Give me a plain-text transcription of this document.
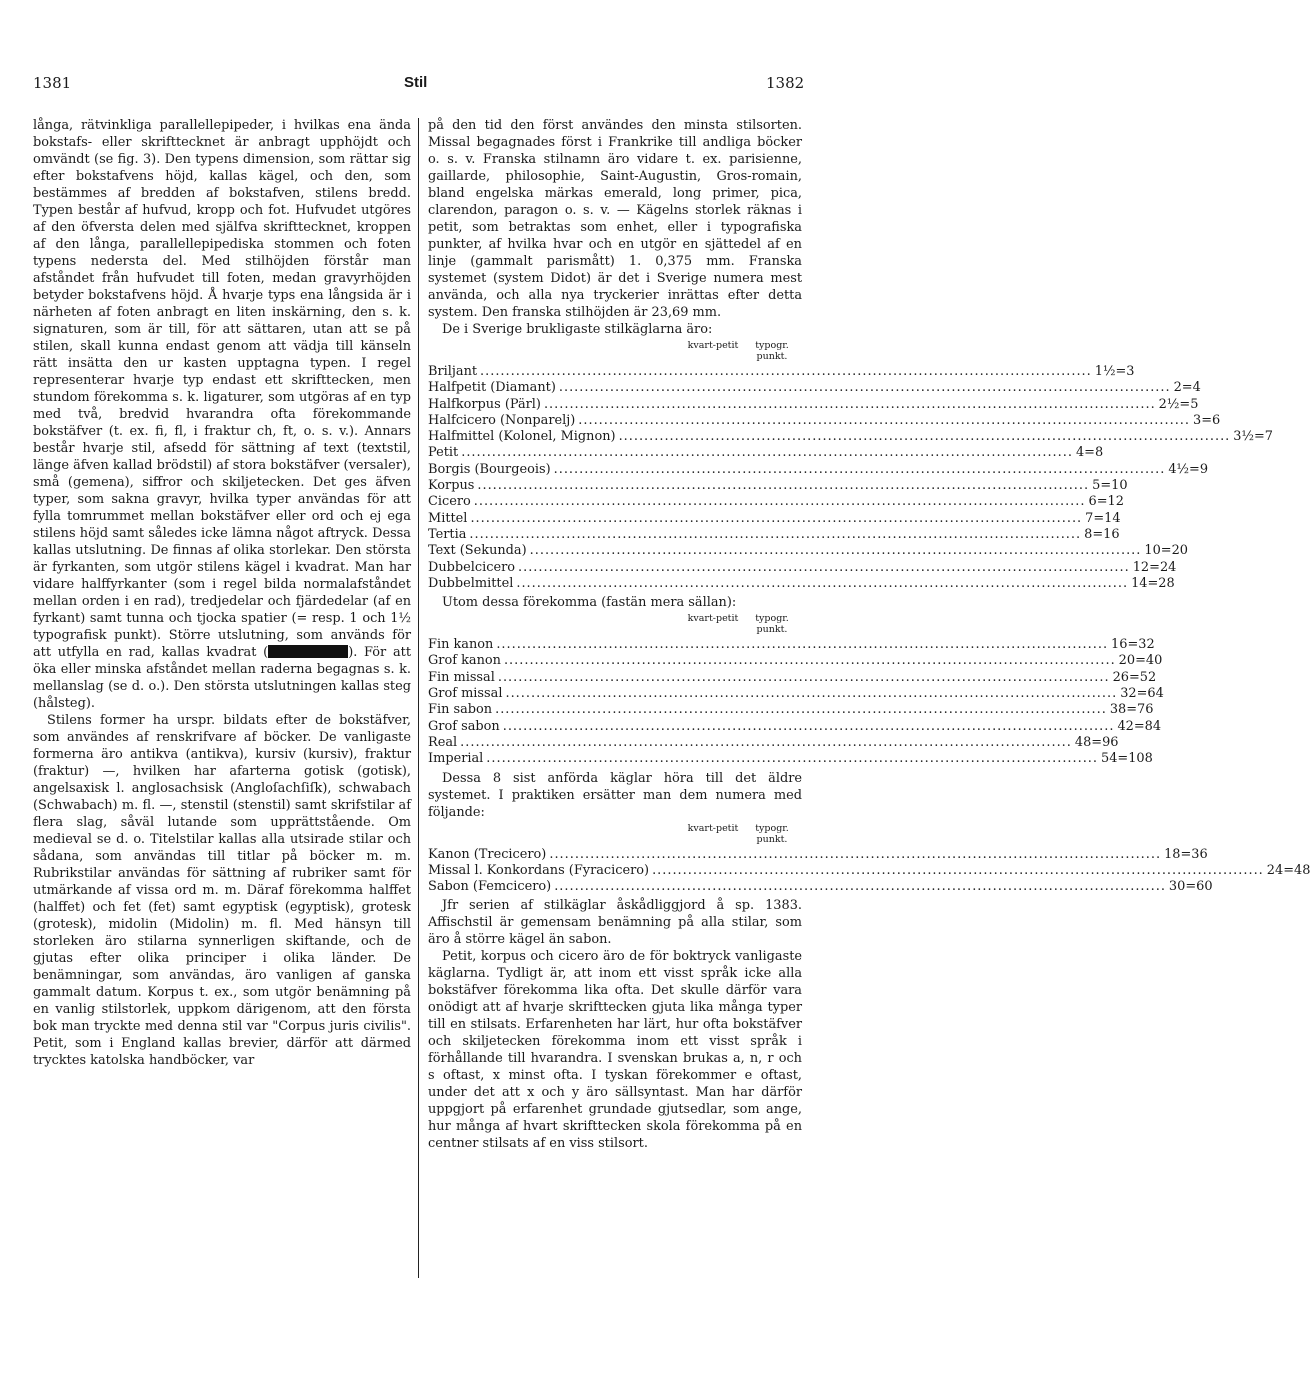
1381	Stil	1382

långa, rätvinkliga parallellepipeder, i hvilkas ena ända bokstafs- eller skrifttecknet är anbragt upphöjdt och omvändt (se fig. 3). Den typens dimension, som rättar sig efter bokstafvens höjd, kallas kägel, och den, som bestämmes af bredden af bokstafven, stilens bredd. Typen består af hufvud, kropp och fot. Hufvudet utgöres af den öfversta delen med själfva skrifttecknet, kroppen af den långa, parallellepipediska stommen och foten typens nedersta del. Med stilhöjden förstår man afståndet från hufvudet till foten, medan gravyrhöjden betyder bokstafvens höjd. Å hvarje typs ena långsida är i närheten af foten anbragt en liten inskärning, den s. k. signaturen, som är till, för att sättaren, utan att se på stilen, skall kunna endast genom att vädja till känseln rätt insätta den ur kasten upptagna typen. I regel representerar hvarje typ endast ett skrifttecken, men stundom förekomma s. k. ligaturer, som utgöras af en typ med två, bredvid hvarandra ofta förekommande bokstäfver (t. ex. fi, fl, i fraktur ch, ft, o. s. v.). Annars består hvarje stil, afsedd för sättning af text (textstil, länge äfven kallad brödstil) af stora bokstäfver (versaler), små (gemena), siffror och skiljetecken. Det ges äfven typer, som sakna gravyr, hvilka typer användas för att fylla tomrummet mellan bokstäfver eller ord och ej ega stilens höjd samt således icke lämna något aftryck. Dessa kallas utslutning. De finnas af olika storlekar. Den största är fyrkanten, som utgör stilens kägel i kvadrat. Man har vidare halffyrkanter (som i regel bilda normalafståndet mellan orden i en rad), tredjedelar och fjärdedelar (af en fyrkant) samt tunna och tjocka spatier (= resp. 1 och 1½ typografisk punkt). Större utslutning, som används för att utfylla en rad, kallas kvadrat (	). För att öka eller minska afståndet mellan raderna begagnas s. k. mellanslag (se d. o.). Den största utslutningen kallas steg (hålsteg).

Stilens former ha urspr. bildats efter de bokstäfver, som användes af renskrifvare af böcker. De vanligaste formerna äro antikva (antikva), kursiv (kursiv), fraktur (fraktur) —, hvilken har afarterna gotisk (gotisk), angelsaxisk l. anglosachsisk (Angloſachſiſk), schwabach (Schwabach) m. fl. —, stenstil (stenstil) samt skrifstilar af flera slag, såväl lutande som upprättstående. Om medieval se d. o. Titelstilar kallas alla utsirade stilar och sådana, som användas till titlar på böcker m. m. Rubrikstilar användas för sättning af rubriker samt för utmärkande af vissa ord m. m. Däraf förekomma halffet (halffet) och fet (fet) samt egyptisk (egyptisk), grotesk (grotesk), midolin (Midolin) m. fl. Med hänsyn till storleken äro stilarna synnerligen skiftande, och de gjutas efter olika principer i olika länder. De benämningar, som användas, äro vanligen af ganska gammalt datum. Korpus t. ex., som utgör benämning på en vanlig stilstorlek, uppkom därigenom, att den första bok man tryckte med denna stil var "Corpus juris civilis". Petit, som i England kallas brevier, därför att därmed trycktes katolska handböcker, var

på den tid den först användes den minsta stilsorten. Missal begagnades först i Frankrike till andliga böcker o. s. v. Franska stilnamn äro vidare t. ex. parisienne, gaillarde, philosophie, Saint-Augustin, Gros-romain, bland engelska märkas emerald, long primer, pica, clarendon, paragon o. s. v. — Kägelns storlek räknas i petit, som betraktas som enhet, eller i typografiska punkter, af hvilka hvar och en utgör en sjättedel af en linje (gammalt parismått) 1. 0,375 mm. Franska systemet (system Didot) är det i Sverige numera mest använda, och alla nya tryckerier inrättas efter detta system. Den franska stilhöjden är 23,69 mm.

De i Sverige brukligaste stilkäglarna äro:

kvart-petit	typogr. punkt.
Briljant ........................................................................................................................ 1½ = 3
Halfpetit (Diamant) ........................................................................................................................ 2 = 4
Halfkorpus (Pärl) ........................................................................................................................ 2½ = 5
Halfcicero (Nonparelj) ........................................................................................................................ 3 = 6
Halfmittel (Kolonel, Mignon) ........................................................................................................................ 3½ = 7
Petit ........................................................................................................................ 4 = 8
Borgis (Bourgeois) ........................................................................................................................ 4½ = 9
Korpus ........................................................................................................................ 5 = 10
Cicero ........................................................................................................................ 6 = 12
Mittel ........................................................................................................................ 7 = 14
Tertia ........................................................................................................................ 8 = 16
Text (Sekunda) ........................................................................................................................ 10 = 20
Dubbelcicero ........................................................................................................................ 12 = 24
Dubbelmittel ........................................................................................................................ 14 = 28

Utom dessa förekomma (fastän mera sällan):

kvart-petit	typogr. punkt.
Fin kanon ........................................................................................................................ 16 = 32
Grof kanon ........................................................................................................................ 20 = 40
Fin missal ........................................................................................................................ 26 = 52
Grof missal ........................................................................................................................ 32 = 64
Fin sabon ........................................................................................................................ 38 = 76
Grof sabon ........................................................................................................................ 42 = 84
Real ........................................................................................................................ 48 = 96
Imperial ........................................................................................................................ 54 = 108

Dessa 8 sist anförda käglar höra till det äldre systemet. I praktiken ersätter man dem numera med följande:

kvart-petit	typogr. punkt.
Kanon (Trecicero) ........................................................................................................................ 18 = 36
Missal l. Konkordans (Fyracicero) ........................................................................................................................ 24 = 48
Sabon (Femcicero) ........................................................................................................................ 30 = 60

Jfr serien af stilkäglar åskådliggjord å sp. 1383. Affischstil är gemensam benämning på alla stilar, som äro å större kägel än sabon.

Petit, korpus och cicero äro de för boktryck vanligaste käglarna. Tydligt är, att inom ett visst språk icke alla bokstäfver förekomma lika ofta. Det skulle därför vara onödigt att af hvarje skrifttecken gjuta lika många typer till en stilsats. Erfarenheten har lärt, hur ofta bokstäfver och skiljetecken förekomma inom ett visst språk i förhållande till hvarandra. I svenskan brukas a, n, r och s oftast, x minst ofta. I tyskan förekommer e oftast, under det att x och y äro sällsyntast. Man har därför uppgjort på erfarenhet grundade gjutsedlar, som ange, hur många af hvart skrifttecken skola förekomma på en centner stilsats af en viss stilsort.
